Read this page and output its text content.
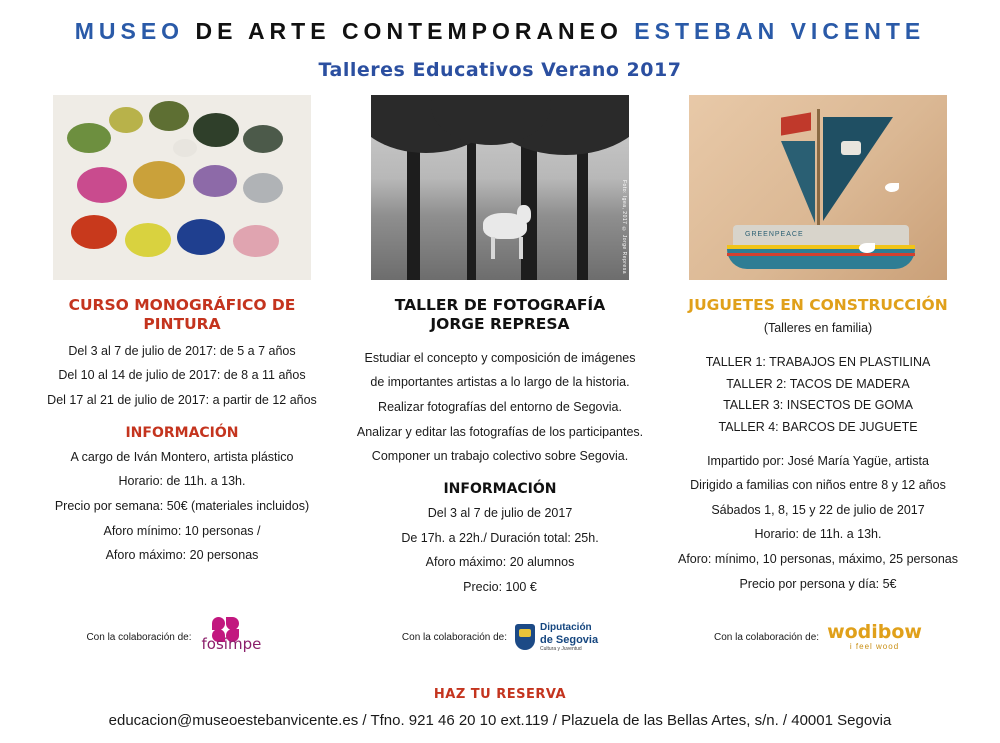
MUSEO DE ARTE CONTEMPORANEO ESTEBAN VICENTE
Talleres Educativos Verano 2017
CURSO MONOGRÁFICO DE PINTURA
Del 3 al 7 de julio de 2017: de 5 a 7 años
Del 10 al 14 de julio de 2017: de 8 a 11 años
Del 17 al 21 de julio de 2017: a partir de 12 años
INFORMACIÓN
A cargo de Iván Montero, artista plástico
Horario: de 11h. a 13h.
Precio por semana: 50€ (materiales incluidos)
Aforo mínimo: 10 personas /
Aforo máximo: 20 personas
Con la colaboración de: fosimpe
Foto: Igea, 2017 © Jorge Represa
TALLER DE FOTOGRAFÍA
JORGE REPRESA
Estudiar el concepto y composición de imágenes
de importantes artistas a lo largo de la historia.
Realizar fotografías del entorno de Segovia.
Analizar y editar las fotografías de los participantes.
Componer un trabajo colectivo sobre Segovia.
INFORMACIÓN
Del 3 al 7 de julio de 2017
De 17h. a 22h./ Duración total: 25h.
Aforo máximo: 20 alumnos
Precio: 100 €
Con la colaboración de:
Diputación
de Segovia
Cultura y Juventud
GREENPEACE
JUGUETES EN CONSTRUCCIÓN
(Talleres en familia)
TALLER 1: TRABAJOS EN PLASTILINA
TALLER 2: TACOS DE MADERA
TALLER 3: INSECTOS DE GOMA
TALLER 4: BARCOS DE JUGUETE
Impartido por: José María Yagüe, artista
Dirigido a familias con niños entre 8 y 12 años
Sábados 1, 8, 15 y 22 de julio de 2017
Horario: de 11h. a 13h.
Aforo: mínimo, 10 personas, máximo, 25 personas
Precio por persona y día: 5€
Con la colaboración de: wodibow
i feel wood
HAZ TU RESERVA
educacion@museoestebanvicente.es / Tfno. 921 46 20 10 ext.119 / Plazuela de las Bellas Artes, s/n. / 40001 Segovia
